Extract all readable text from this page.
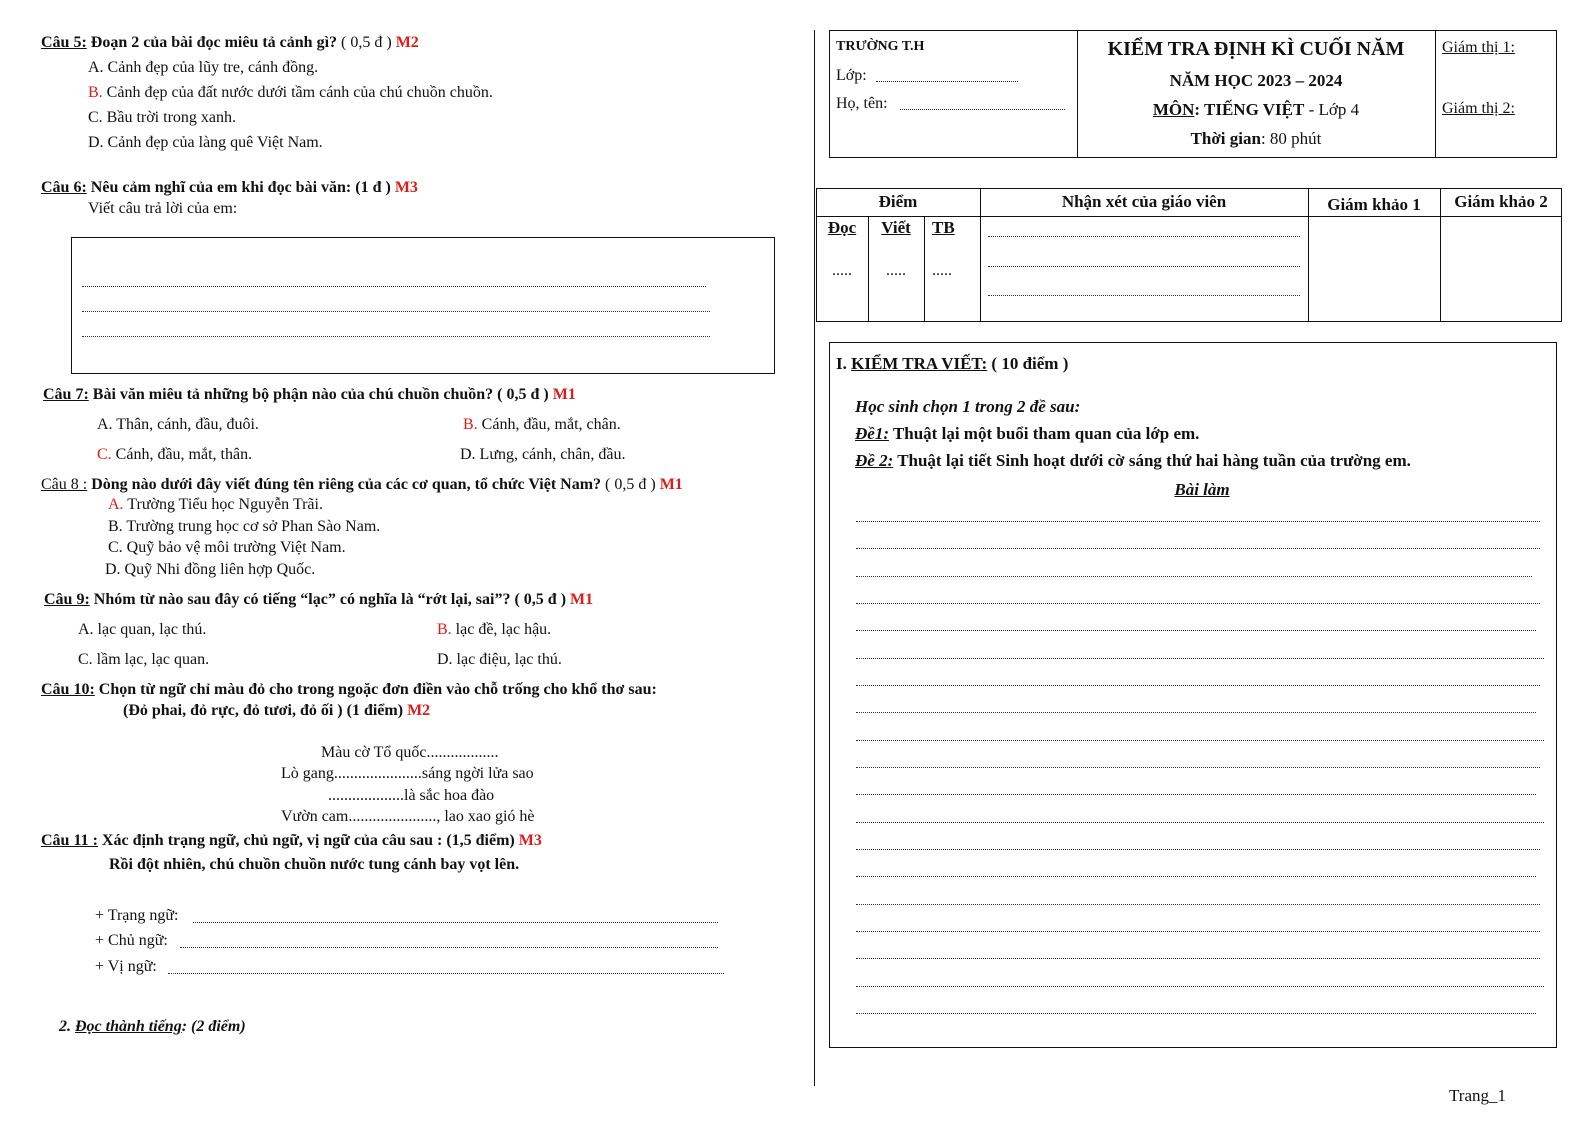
Câu 5: Đoạn 2 của bài đọc miêu tả cảnh gì? ( 0,5 đ ) M2
A. Cảnh đẹp của lũy tre, cánh đồng.
B. Cảnh đẹp của đất nước dưới tầm cánh của chú chuồn chuồn.
C. Bầu trời trong xanh.
D. Cảnh đẹp của làng quê Việt Nam.
Câu 6: Nêu cảm nghĩ của em khi đọc bài văn: (1 đ ) M3
Viết câu trả lời của em:
Câu 7: Bài văn miêu tả những bộ phận nào của chú chuồn chuồn? ( 0,5 đ ) M1
A. Thân, cánh, đầu, đuôi.	B. Cánh, đầu, mắt, chân.
C. Cánh, đầu, mắt, thân.	D. Lưng, cánh, chân, đầu.
Câu 8 : Dòng nào dưới đây viết đúng tên riêng của các cơ quan, tổ chức Việt Nam? ( 0,5 đ ) M1
A. Trường Tiểu học Nguyễn Trãi.
B. Trường trung học cơ sở Phan Sào Nam.
C. Quỹ bảo vệ môi trường Việt Nam.
D. Quỹ Nhi đồng liên hợp Quốc.
Câu 9: Nhóm từ nào sau đây có tiếng “lạc” có nghĩa là “rớt lại, sai”? ( 0,5 đ ) M1
A. lạc quan, lạc thú.	B. lạc đề, lạc hậu.
C. lầm lạc, lạc quan.	D. lạc điệu, lạc thú.
Câu 10: Chọn từ ngữ chỉ màu đỏ cho trong ngoặc đơn điền vào chỗ trống cho khổ thơ sau:
(Đỏ phai, đỏ rực, đỏ tươi, đỏ ối ) (1 điểm) M2
Màu cờ Tổ quốc..................
Lò gang......................sáng ngời lửa sao
...................là sắc hoa đào
Vườn cam......................, lao xao gió hè
Câu 11 : Xác định trạng ngữ, chủ ngữ, vị ngữ của câu sau : (1,5 điểm) M3
Rồi đột nhiên, chú chuồn chuồn nước tung cánh bay vọt lên.
+ Trạng ngữ:
+ Chủ ngữ:
+ Vị ngữ:
2. Đọc thành tiếng: (2 điểm)
TRƯỜNG T.H
Lớp:
Họ, tên:
KIỂM TRA ĐỊNH KÌ CUỐI NĂM
NĂM HỌC 2023 – 2024
MÔN: TIẾNG VIỆT - Lớp 4
Thời gian: 80 phút
Giám thị 1:
Giám thị 2:
Điểm	Nhận xét của giáo viên	Giám khảo 1	Giám khảo 2
Đọc	Viết	TB
.....	.....	.....
I. KIỂM TRA VIẾT: ( 10 điểm )
Học sinh chọn 1 trong 2 đề sau:
Đề1: Thuật lại một buổi tham quan của lớp em.
Đề 2: Thuật lại tiết Sinh hoạt dưới cờ sáng thứ hai hàng tuần của trường em.
Bài làm
Trang_1
